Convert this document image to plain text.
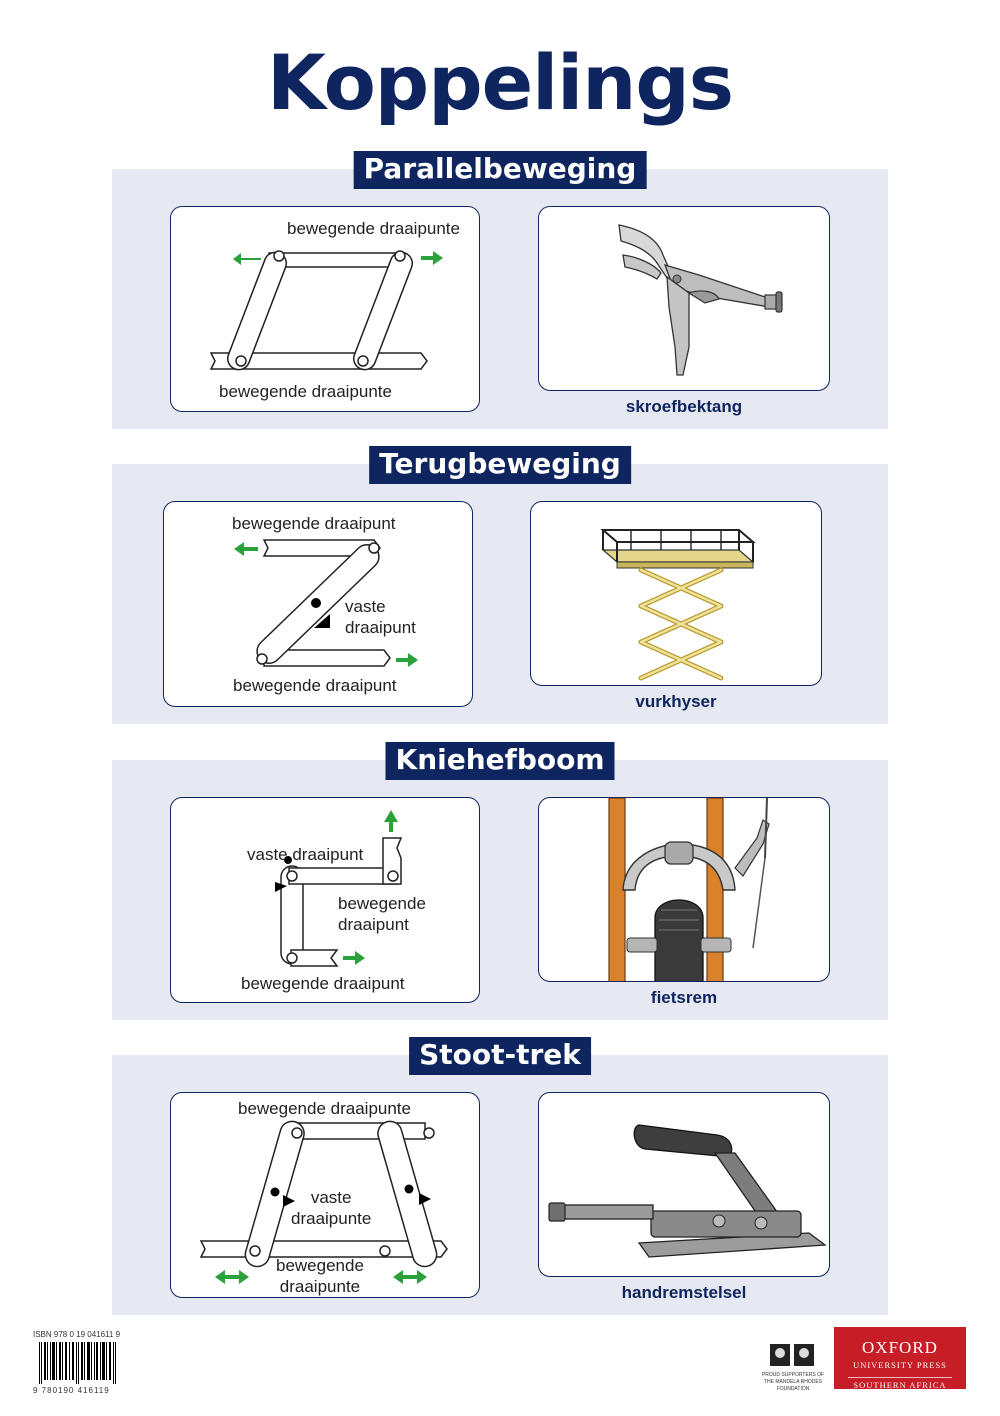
Koppelings
Parallelbeweging
bewegende draaipunte
bewegende draaipunte
skroefbektang
Terugbeweging
bewegende draaipunt
vaste
draaipunt
bewegende draaipunt
vurkhyser
Kniehefboom
vaste draaipunt
bewegende
draaipunt
bewegende draaipunt
fietsrem
Stoot-trek
bewegende draaipunte
vaste
draaipunte
bewegende
draaipunte	handremstelsel
ISBN 978 0 19 041611 9
9 780190 416119
PROUD SUPPORTERS OF
THE MANDELA RHODES
FOUNDATION
OXFORD
UNIVERSITY PRESS
SOUTHERN AFRICA
